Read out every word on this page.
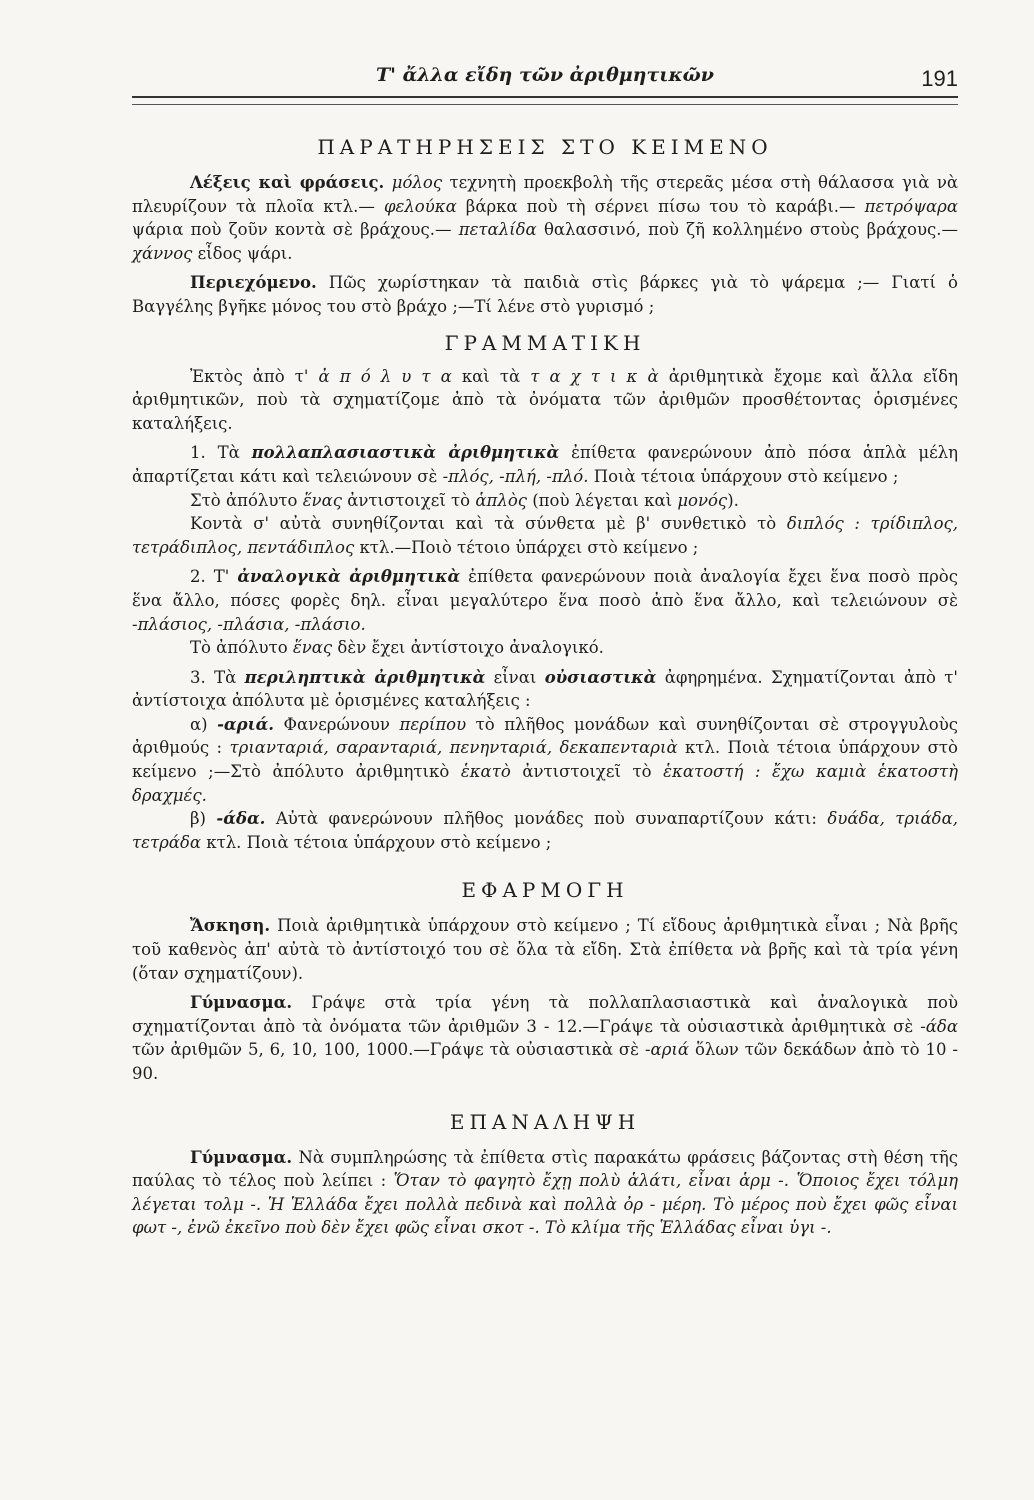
Τ' ἄλλα εἴδη τῶν ἀριθμητικῶν	191
ΠΑΡΑΤΗΡΗΣΕΙΣ ΣΤΟ ΚΕΙΜΕΝΟ

Λέξεις καὶ φράσεις. μόλος τεχνητὴ προεκβολὴ τῆς στερεᾶς μέσα στὴ θάλασσα γιὰ νὰ πλευρίζουν τὰ πλοῖα κτλ.— φελούκα βάρκα ποὺ τὴ σέρνει πίσω του τὸ καράβι.— πετρόψαρα ψάρια ποὺ ζοῦν κοντὰ σὲ βράχους.— πεταλίδα θαλασσινό, ποὺ ζῆ κολλημένο στοὺς βράχους.— χάννος εἶδος ψάρι.

Περιεχόμενο. Πῶς χωρίστηκαν τὰ παιδιὰ στὶς βάρκες γιὰ τὸ ψάρεμα ;— Γιατί ὁ Βαγγέλης βγῆκε μόνος του στὸ βράχο ;—Τί λένε στὸ γυρισμό ;

ΓΡΑΜΜΑΤΙΚΗ

Ἐκτὸς ἀπὸ τ' ἀ π ό λ υ τ α καὶ τὰ τ α χ τ ι κ ὰ ἀριθμητικὰ ἔχομε καὶ ἄλλα εἴδη ἀριθμητικῶν, ποὺ τὰ σχηματίζομε ἀπὸ τὰ ὀνόματα τῶν ἀριθμῶν προσθέτοντας ὁρισμένες καταλήξεις.

1. Τὰ πολλαπλασιαστικὰ ἀριθμητικὰ ἐπίθετα φανερώνουν ἀπὸ πόσα ἁπλὰ μέλη ἀπαρτίζεται κάτι καὶ τελειώνουν σὲ -πλός, -πλή, -πλό. Ποιὰ τέτοια ὑπάρχουν στὸ κείμενο ;

Στὸ ἀπόλυτο ἕνας ἀντιστοιχεῖ τὸ ἁπλὸς (ποὺ λέγεται καὶ μονός).

Κοντὰ σ' αὐτὰ συνηθίζονται καὶ τὰ σύνθετα μὲ β' συνθετικὸ τὸ διπλός : τρίδιπλος, τετράδιπλος, πεντάδιπλος κτλ.—Ποιὸ τέτοιο ὑπάρχει στὸ κείμενο ;

2. Τ' ἀναλογικὰ ἀριθμητικὰ ἐπίθετα φανερώνουν ποιὰ ἀναλογία ἔχει ἕνα ποσὸ πρὸς ἕνα ἄλλο, πόσες φορὲς δηλ. εἶναι μεγαλύτερο ἕνα ποσὸ ἀπὸ ἕνα ἄλλο, καὶ τελειώνουν σὲ -πλάσιος, -πλάσια, -πλάσιο.

Τὸ ἀπόλυτο ἕνας δὲν ἔχει ἀντίστοιχο ἀναλογικό.

3. Τὰ περιληπτικὰ ἀριθμητικὰ εἶναι οὐσιαστικὰ ἀφηρημένα. Σχηματίζονται ἀπὸ τ' ἀντίστοιχα ἀπόλυτα μὲ ὁρισμένες καταλήξεις :

α) -αριά. Φανερώνουν περίπου τὸ πλῆθος μονάδων καὶ συνηθίζονται σὲ στρογγυλοὺς ἀριθμούς : τριανταριά, σαρανταριά, πενηνταριά, δεκαπενταριὰ κτλ. Ποιὰ τέτοια ὑπάρχουν στὸ κείμενο ;—Στὸ ἀπόλυτο ἀριθμητικὸ ἑκατὸ ἀντιστοιχεῖ τὸ ἑκατοστή : ἔχω καμιὰ ἑκατοστὴ δραχμές.

β) -άδα. Αὐτὰ φανερώνουν πλῆθος μονάδες ποὺ συναπαρτίζουν κάτι: δυάδα, τριάδα, τετράδα κτλ. Ποιὰ τέτοια ὑπάρχουν στὸ κείμενο ;

ΕΦΑΡΜΟΓΗ

Ἄσκηση. Ποιὰ ἀριθμητικὰ ὑπάρχουν στὸ κείμενο ; Τί εἴδους ἀριθμητικὰ εἶναι ; Νὰ βρῆς τοῦ καθενὸς ἀπ' αὐτὰ τὸ ἀντίστοιχό του σὲ ὅλα τὰ εἴδη. Στὰ ἐπίθετα νὰ βρῆς καὶ τὰ τρία γένη (ὅταν σχηματίζουν).

Γύμνασμα. Γράψε στὰ τρία γένη τὰ πολλαπλασιαστικὰ καὶ ἀναλογικὰ ποὺ σχηματίζονται ἀπὸ τὰ ὀνόματα τῶν ἀριθμῶν 3 - 12.—Γράψε τὰ οὐσιαστικὰ ἀριθμητικὰ σὲ -άδα τῶν ἀριθμῶν 5, 6, 10, 100, 1000.—Γράψε τὰ οὐσιαστικὰ σὲ -αριά ὅλων τῶν δεκάδων ἀπὸ τὸ 10 - 90.

ΕΠΑΝΑΛΗΨΗ

Γύμνασμα. Νὰ συμπληρώσης τὰ ἐπίθετα στὶς παρακάτω φράσεις βάζοντας στὴ θέση τῆς παύλας τὸ τέλος ποὺ λείπει : Ὅταν τὸ φαγητὸ ἔχῃ πολὺ ἁλάτι, εἶναι ἁρμ -. Ὅποιος ἔχει τόλμη λέγεται τολμ -. Ἡ Ἑλλάδα ἔχει πολλὰ πεδινὰ καὶ πολλὰ ὀρ - μέρη. Τὸ μέρος ποὺ ἔχει φῶς εἶναι φωτ -, ἐνῶ ἐκεῖνο ποὺ δὲν ἔχει φῶς εἶναι σκοτ -. Τὸ κλίμα τῆς Ἑλλάδας εἶναι ὑγι -.
